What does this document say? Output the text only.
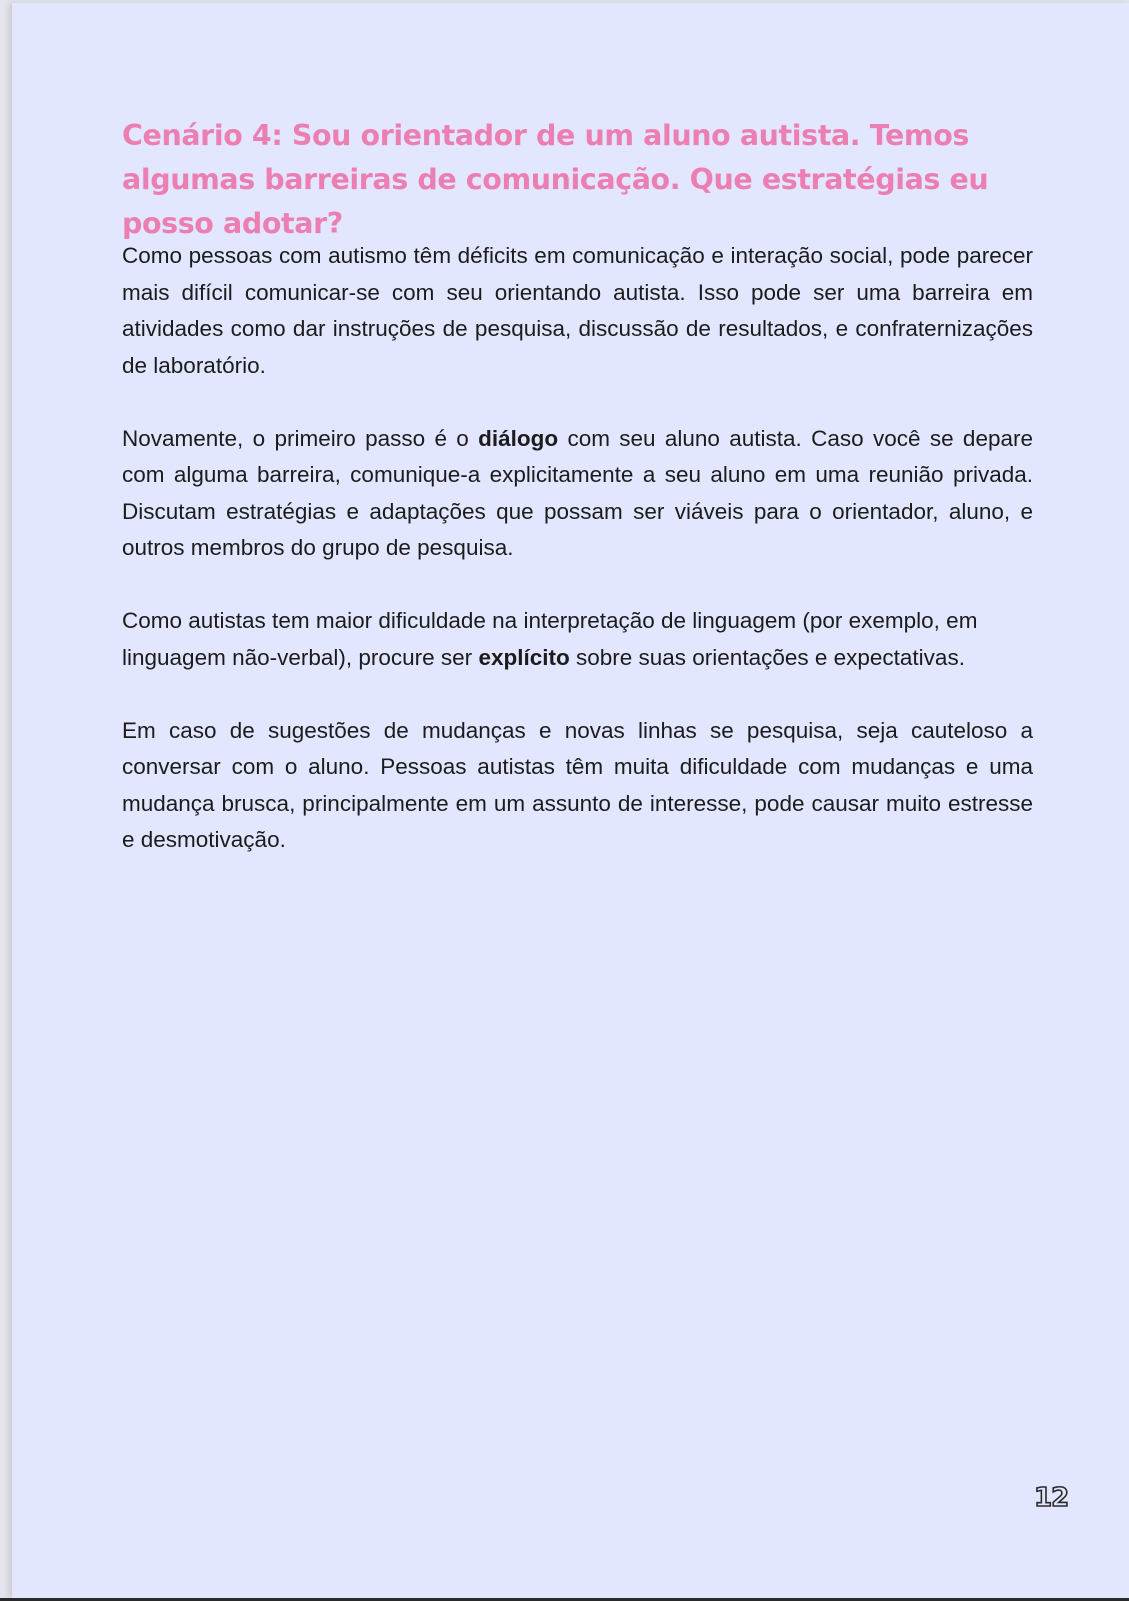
Cenário 4: Sou orientador de um aluno autista. Temos algumas barreiras de comunicação. Que estratégias eu posso adotar?

Como pessoas com autismo têm déficits em comunicação e interação social, pode parecer mais difícil comunicar-se com seu orientando autista. Isso pode ser uma barreira em atividades como dar instruções de pesquisa, discussão de resultados, e confraternizações de laboratório.

Novamente, o primeiro passo é o diálogo com seu aluno autista. Caso você se depare com alguma barreira, comunique-a explicitamente a seu aluno em uma reunião privada. Discutam estratégias e adaptações que possam ser viáveis para o orientador, aluno, e outros membros do grupo de pesquisa.

Como autistas tem maior dificuldade na interpretação de linguagem (por exemplo, em linguagem não-verbal), procure ser explícito sobre suas orientações e expectativas.

Em caso de sugestões de mudanças e novas linhas se pesquisa, seja cauteloso a conversar com o aluno. Pessoas autistas têm muita dificuldade com mudanças e uma mudança brusca, principalmente em um assunto de interesse, pode causar muito estresse e desmotivação.

12
